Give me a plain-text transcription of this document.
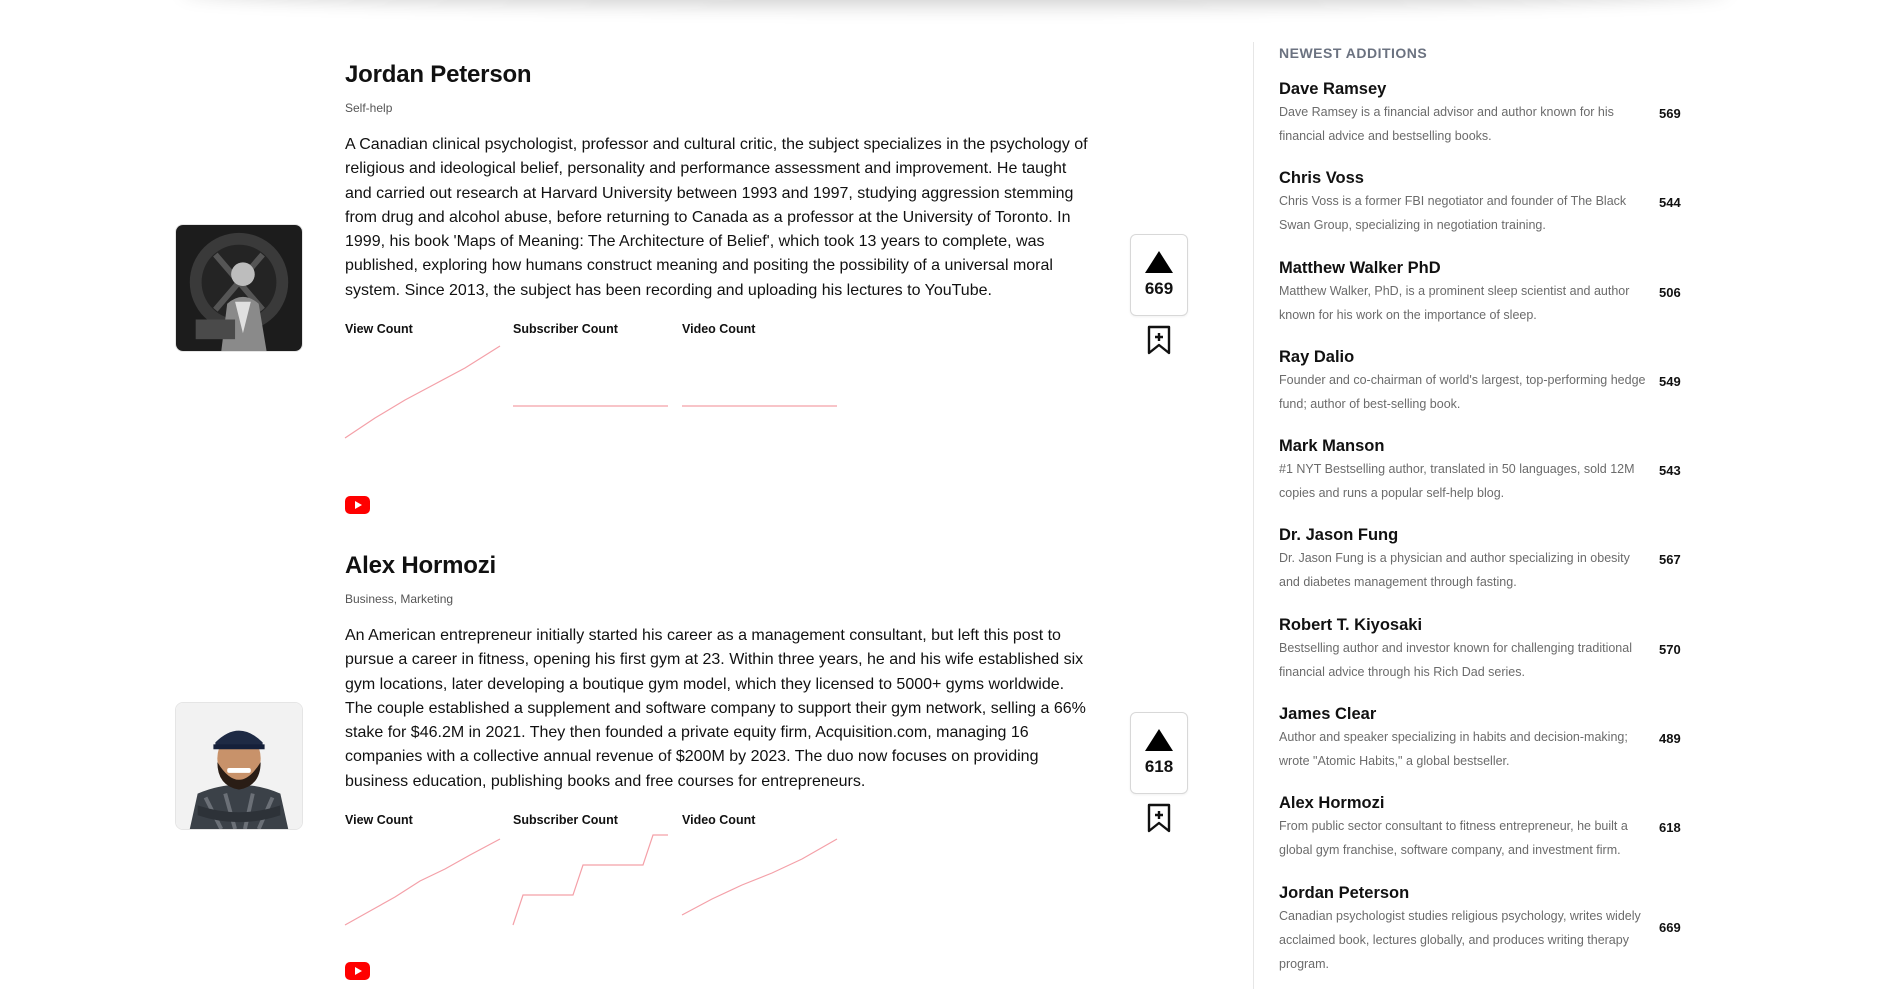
Jordan Peterson
Self-help
A Canadian clinical psychologist, professor and cultural critic, the subject specializes in the psychology of religious and ideological belief, personality and performance assessment and improvement. He taught and carried out research at Harvard University between 1993 and 1997, studying aggression stemming from drug and alcohol abuse, before returning to Canada as a professor at the University of Toronto. In 1999, his book 'Maps of Meaning: The Architecture of Belief', which took 13 years to complete, was published, exploring how humans construct meaning and positing the possibility of a universal moral system. Since 2013, the subject has been recording and uploading his lectures to YouTube.
View Count	Subscriber Count	Video Count
669
Alex Hormozi
Business, Marketing
An American entrepreneur initially started his career as a management consultant, but left this post to pursue a career in fitness, opening his first gym at 23. Within three years, he and his wife established six gym locations, later developing a boutique gym model, which they licensed to 5000+ gyms worldwide. The couple established a supplement and software company to support their gym network, selling a 66% stake for $46.2M in 2021. They then founded a private equity firm, Acquisition.com, managing 16 companies with a collective annual revenue of $200M by 2023. The duo now focuses on providing business education, publishing books and free courses for entrepreneurs.
View Count	Subscriber Count	Video Count
618
NEWEST ADDITIONS
Dave Ramsey
Dave Ramsey is a financial advisor and author known for his financial advice and bestselling books.
569
Chris Voss
Chris Voss is a former FBI negotiator and founder of The Black Swan Group, specializing in negotiation training.
544
Matthew Walker PhD
Matthew Walker, PhD, is a prominent sleep scientist and author known for his work on the importance of sleep.
506
Ray Dalio
Founder and co-chairman of world's largest, top-performing hedge fund; author of best-selling book.
549
Mark Manson
#1 NYT Bestselling author, translated in 50 languages, sold 12M copies and runs a popular self-help blog.
543
Dr. Jason Fung
Dr. Jason Fung is a physician and author specializing in obesity and diabetes management through fasting.
567
Robert T. Kiyosaki
Bestselling author and investor known for challenging traditional financial advice through his Rich Dad series.
570
James Clear
Author and speaker specializing in habits and decision-making; wrote "Atomic Habits," a global bestseller.
489
Alex Hormozi
From public sector consultant to fitness entrepreneur, he built a global gym franchise, software company, and investment firm.
618
Jordan Peterson
Canadian psychologist studies religious psychology, writes widely acclaimed book, lectures globally, and produces writing therapy program.
669
